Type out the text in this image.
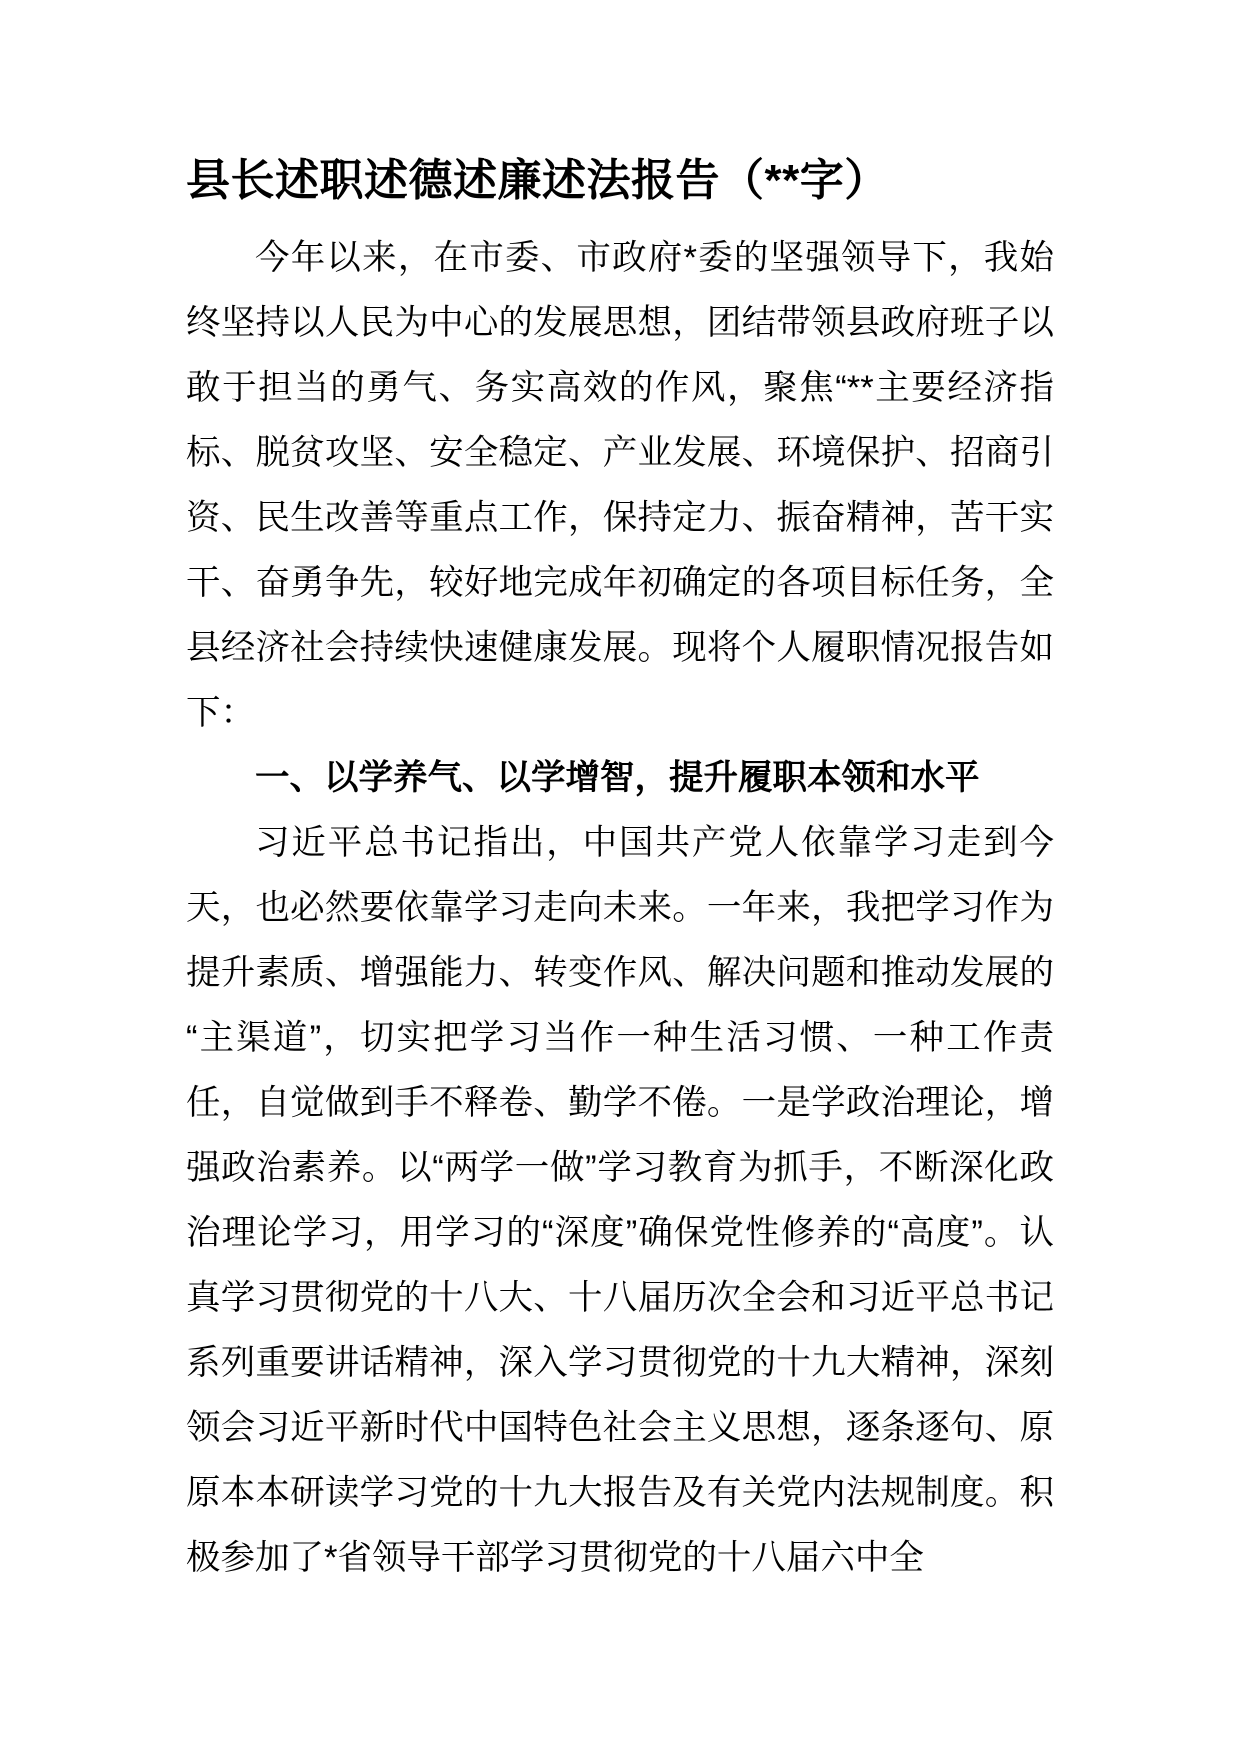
县长述职述德述廉述法报告（**字）

今年以来，在市委、市政府*委的坚强领导下，我始终坚持以人民为中心的发展思想，团结带领县政府班子以敢于担当的勇气、务实高效的作风，聚焦“**主要经济指标、脱贫攻坚、安全稳定、产业发展、环境保护、招商引资、民生改善等重点工作，保持定力、振奋精神，苦干实干、奋勇争先，较好地完成年初确定的各项目标任务，全县经济社会持续快速健康发展。现将个人履职情况报告如下：

一、以学养气、以学增智，提升履职本领和水平

习近平总书记指出，中国共产党人依靠学习走到今天，也必然要依靠学习走向未来。一年来，我把学习作为提升素质、增强能力、转变作风、解决问题和推动发展的“主渠道”，切实把学习当作一种生活习惯、一种工作责任，自觉做到手不释卷、勤学不倦。一是学政治理论，增强政治素养。以“两学一做”学习教育为抓手，不断深化政治理论学习，用学习的“深度”确保党性修养的“高度”。认真学习贯彻党的十八大、十八届历次全会和习近平总书记系列重要讲话精神，深入学习贯彻党的十九大精神，深刻领会习近平新时代中国特色社会主义思想，逐条逐句、原原本本研读学习党的十九大报告及有关党内法规制度。积极参加了*省领导干部学习贯彻党的十八届六中全
